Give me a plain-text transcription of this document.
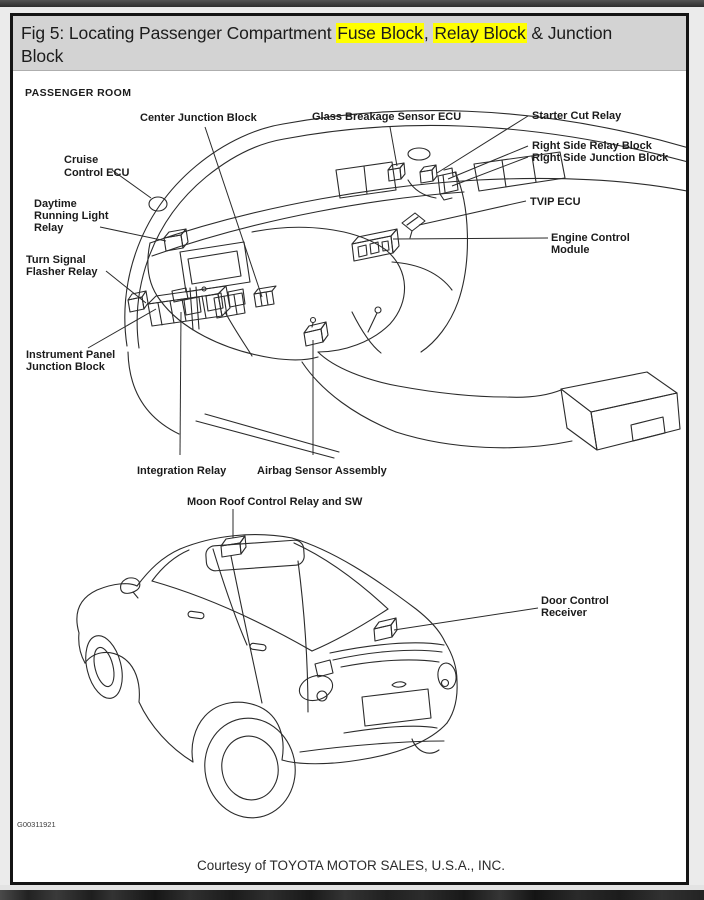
Fig 5: Locating Passenger Compartment Fuse Block, Relay Block & Junction
Block
PASSENGER ROOM
Center Junction Block	Glass Breakage Sensor ECU	Starter Cut Relay
Right Side Relay Block
Right Side Junction Block
Cruise
Control ECU
TVIP ECU
Engine Control
Module
Daytime
Running Light
Relay
Turn Signal
Flasher Relay
Instrument Panel
Junction Block
Integration Relay	Airbag Sensor Assembly
Moon Roof Control Relay and SW
Door Control
Receiver
G00311921
Courtesy of TOYOTA MOTOR SALES, U.S.A., INC.
